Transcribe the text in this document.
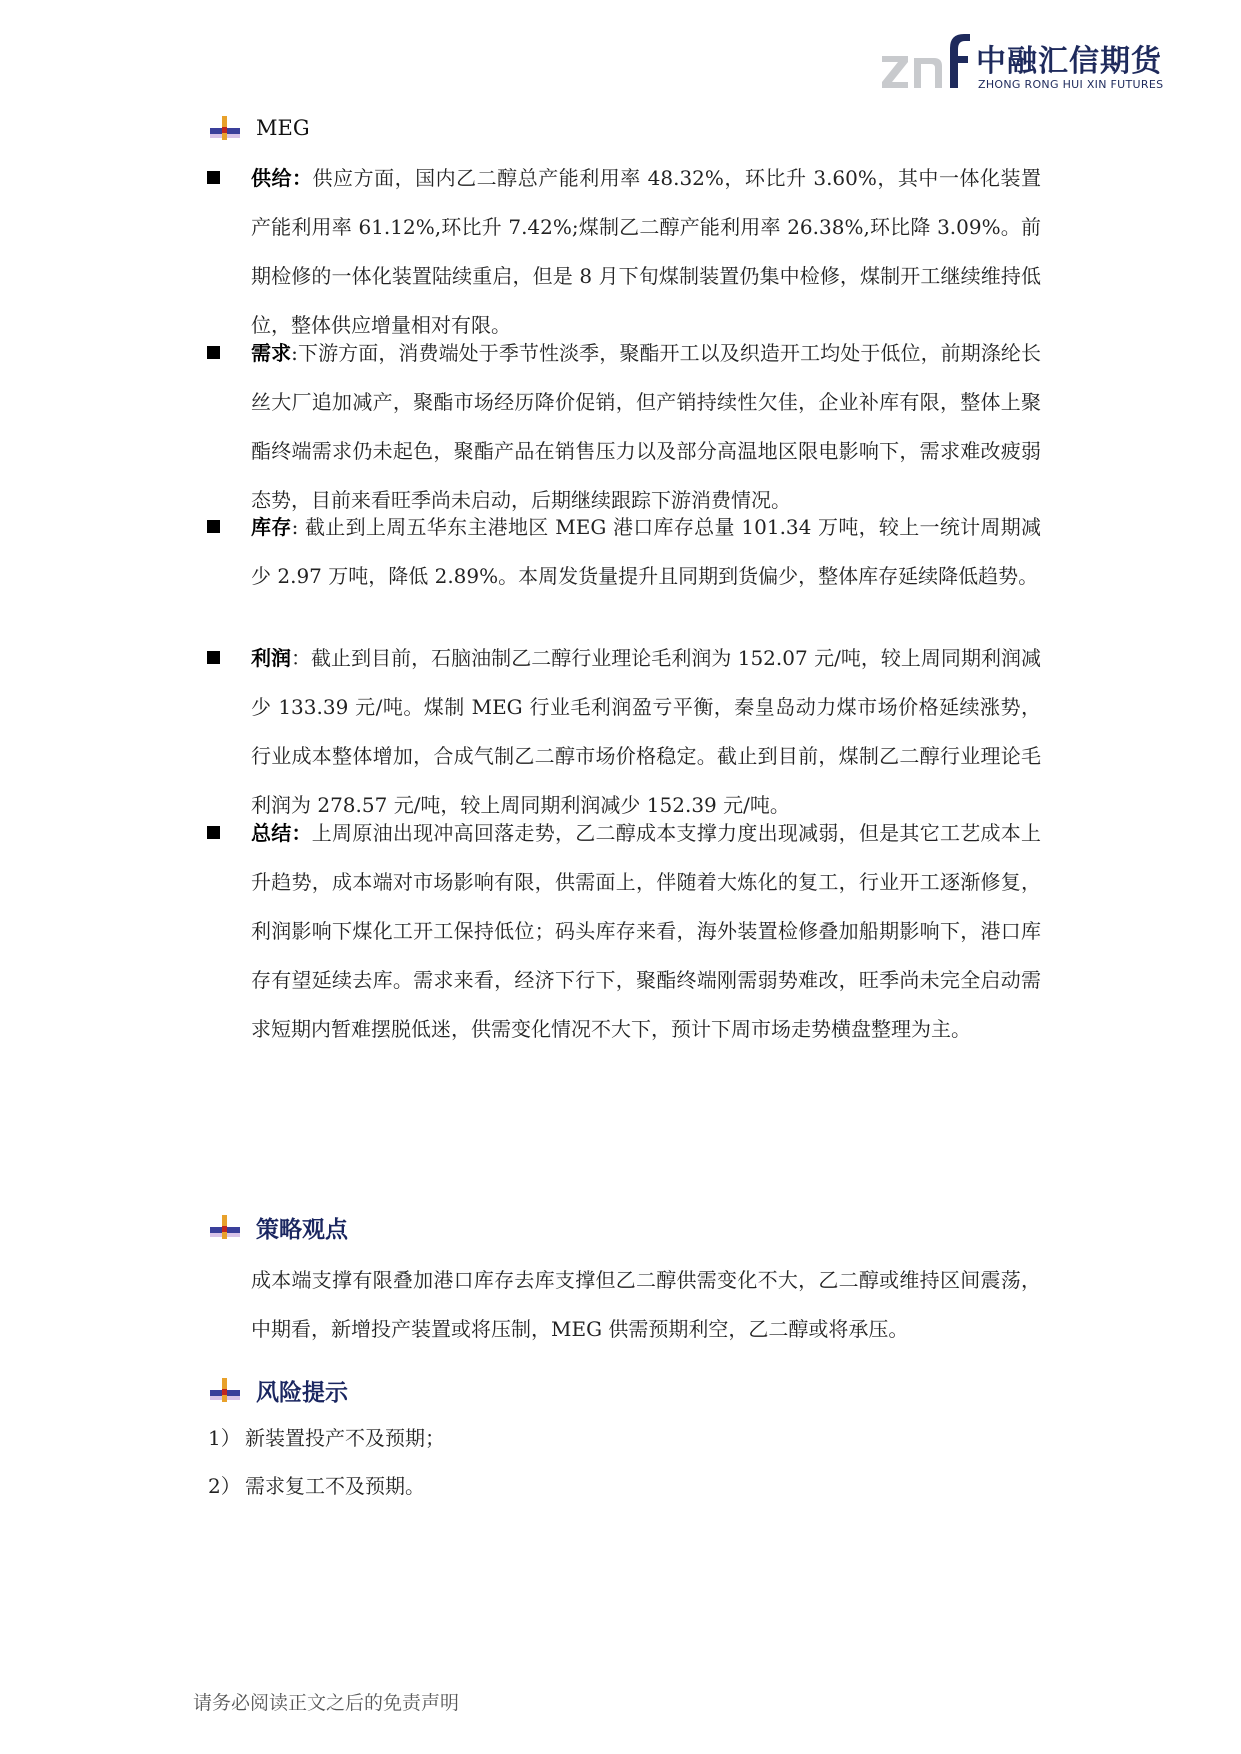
中融汇信期货
ZHONG RONG HUI XIN FUTURES
MEG
供给：供应方面，国内乙二醇总产能利用率 48.32%，环比升 3.60%，其中一体化装置产能利用率 61.12%,环比升 7.42%;煤制乙二醇产能利用率 26.38%,环比降 3.09%。前期检修的一体化装置陆续重启，但是 8 月下旬煤制装置仍集中检修，煤制开工继续维持低位，整体供应增量相对有限。
需求:下游方面，消费端处于季节性淡季，聚酯开工以及织造开工均处于低位，前期涤纶长丝大厂追加减产，聚酯市场经历降价促销，但产销持续性欠佳，企业补库有限，整体上聚酯终端需求仍未起色，聚酯产品在销售压力以及部分高温地区限电影响下，需求难改疲弱态势，目前来看旺季尚未启动，后期继续跟踪下游消费情况。
库存: 截止到上周五华东主港地区 MEG 港口库存总量 101.34 万吨，较上一统计周期减少 2.97 万吨，降低 2.89%。本周发货量提升且同期到货偏少，整体库存延续降低趋势。
利润：截止到目前，石脑油制乙二醇行业理论毛利润为 152.07 元/吨，较上周同期利润减少 133.39 元/吨。煤制 MEG 行业毛利润盈亏平衡，秦皇岛动力煤市场价格延续涨势，行业成本整体增加，合成气制乙二醇市场价格稳定。截止到目前，煤制乙二醇行业理论毛利润为 278.57 元/吨，较上周同期利润减少 152.39 元/吨。
总结：上周原油出现冲高回落走势，乙二醇成本支撑力度出现减弱，但是其它工艺成本上升趋势，成本端对市场影响有限，供需面上，伴随着大炼化的复工，行业开工逐渐修复，利润影响下煤化工开工保持低位；码头库存来看，海外装置检修叠加船期影响下，港口库存有望延续去库。需求来看，经济下行下，聚酯终端刚需弱势难改，旺季尚未完全启动需求短期内暂难摆脱低迷，供需变化情况不大下，预计下周市场走势横盘整理为主。
策略观点
成本端支撑有限叠加港口库存去库支撑但乙二醇供需变化不大，乙二醇或维持区间震荡，中期看，新增投产装置或将压制，MEG 供需预期利空，乙二醇或将承压。
风险提示
1） 新装置投产不及预期；
2） 需求复工不及预期。
请务必阅读正文之后的免责声明
